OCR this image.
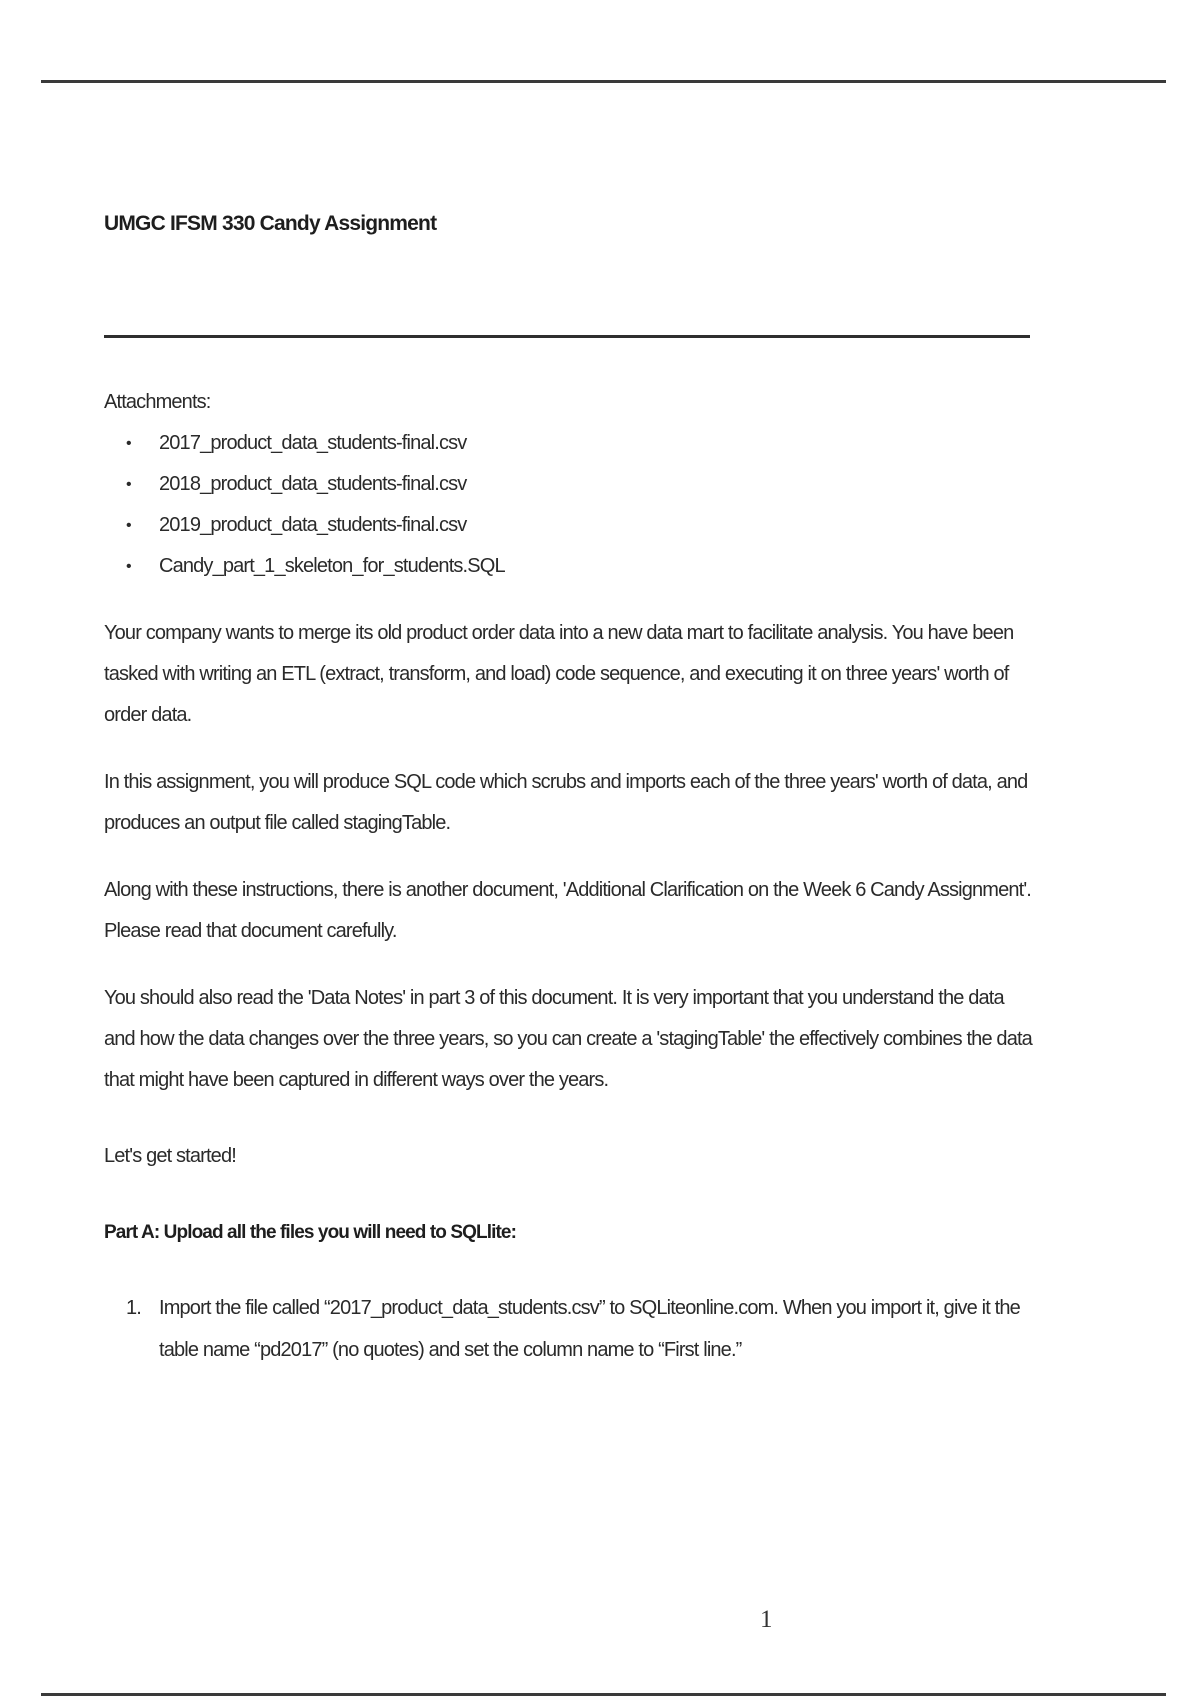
UMGC IFSM 330 Candy Assignment

Attachments:

• 2017_product_data_students-final.csv
• 2018_product_data_students-final.csv
• 2019_product_data_students-final.csv
• Candy_part_1_skeleton_for_students.SQL

Your company wants to merge its old product order data into a new data mart to facilitate analysis. You have been tasked with writing an ETL (extract, transform, and load) code sequence, and executing it on three years' worth of order data.

In this assignment, you will produce SQL code which scrubs and imports each of the three years' worth of data, and produces an output file called stagingTable.

Along with these instructions, there is another document, 'Additional Clarification on the Week 6 Candy Assignment'. Please read that document carefully.

You should also read the 'Data Notes' in part 3 of this document. It is very important that you understand the data and how the data changes over the three years, so you can create a 'stagingTable' the effectively combines the data that might have been captured in different ways over the years.

Let's get started!

Part A: Upload all the files you will need to SQLlite:

1. Import the file called “2017_product_data_students.csv” to SQLiteonline.com. When you import it, give it the table name “pd2017” (no quotes) and set the column name to “First line.”
1
